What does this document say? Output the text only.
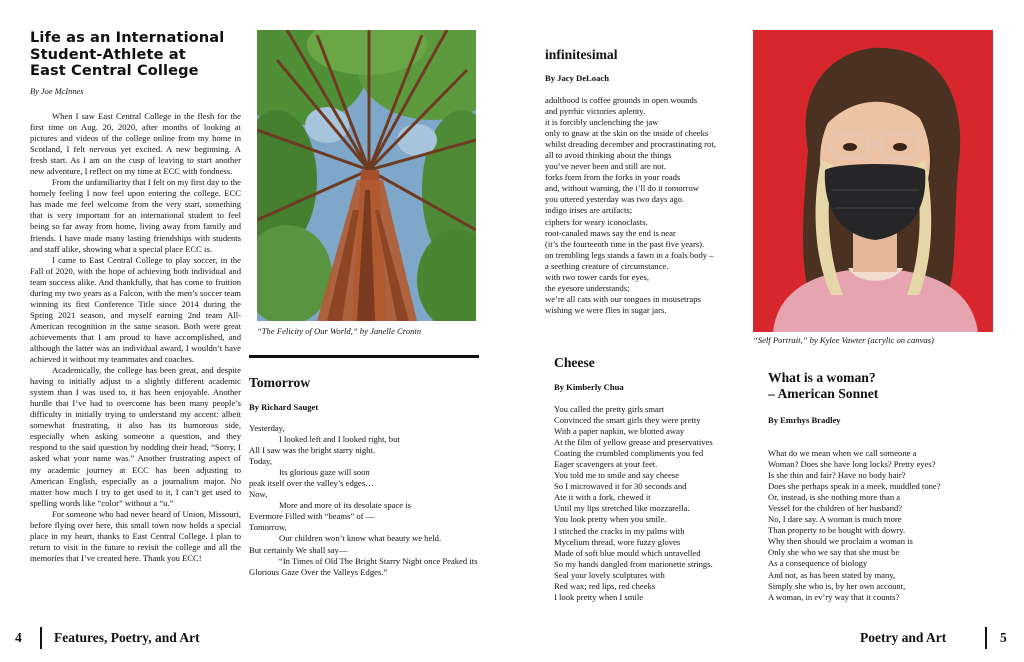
Life as an International
Student-Athlete at
East Central College
By Joe McInnes

When I saw East Central College in the flesh for the first time on Aug. 20, 2020, after months of looking at pictures and videos of the college online from my home in Scotland, I felt nervous yet excited. A new beginning. A fresh start. As I am on the cusp of leaving to start another new adventure, I reflect on my time at ECC with fondness.

From the unfamiliarity that I felt on my first day to the homely feeling I now feel upon entering the college. ECC has made me feel welcome from the very start, something that is very important for an international student to feel being so far away from home, living away from family and friends. I have made many lasting friendships with students and staff alike, showing what a special place ECC is.

I came to East Central College to play soccer, in the Fall of 2020, with the hope of achieving both individual and team success alike. And thankfully, that has come to fruition during my two years as a Falcon, with the men’s soccer team winning its first Conference Title since 2014 during the Spring 2021 season, and myself earning 2nd team All-American recognition in the same season. Both were great achievements that I am proud to have accomplished, and although the latter was an individual award, I wouldn’t have achieved it without my teammates and coaches.

Academically, the college has been great, and despite having to initially adjust to a slightly different academic system than I was used to, it has been enjoyable. Another hurdle that I’ve had to overcome has been many people’s difficulty in initially trying to understand my accent: albeit somewhat frustrating, it also has its humorous side, especially when asking someone a question, and they respond to the said question by nodding their head, “Sorry, I asked what your name was.” Another frustrating aspect of my academic journey at ECC has been adjusting to American English, especially as a journalism major. No matter how much I try to get used to it, I can’t get used to spelling words like “color” without a “u.”

For someone who had never heard of Union, Missouri, before flying over here, this small town now holds a special place in my heart, thanks to East Central College. I plan to return to visit in the future to revisit the college and all the memories that I’ve created here. Thank you ECC!

“The Felicity of Our World,” by Janelle Cronin
Tomorrow
By Richard Sauget
Yesterday,
I looked left and I looked right, but
All I saw was the bright starry night.
Today,
Its glorious gaze will soon
peak itself over the valley’s edges…
Now,
More and more of its desolate space is
Evermore Filled with “beams” of —
Tomorrow,
Our children won’t know what beauty we held.
But certainly We shall say—
“In Times of Old The Bright Starry Night once Peaked its
Glorious Gaze Over the Valleys Edges.”
4 Features, Poetry, and Art
infinitesimal
By Jacy DeLoach
adulthood is coffee grounds in open wounds
and pyrrhic victories aplenty.
it is forcibly unclenching the jaw
only to gnaw at the skin on the inside of cheeks
whilst dreading december and procrastinating rot,
all to avoid thinking about the things
you’ve never been and still are not.
forks form from the forks in your roads
and, without warning, the i’ll do it tomorrow
you uttered yesterday was two days ago.
indigo irises are artifacts;
ciphers for weary iconoclasts.
root-canaled maws say the end is near
(it’s the fourteenth time in the past five years).
on trembling legs stands a fawn in a foals body –
a seething creature of circumstance.
with two tower cards for eyes,
the eyesore understands;
we’re all cats with our tongues in mousetraps
wishing we were flies in sugar jars.
“Self Portrait,” by Kylee Vawter (acrylic on canvas)
Cheese
By Kimberly Chua
You called the pretty girls smart
Convinced the smart girls they were pretty
With a paper napkin, we blotted away
At the film of yellow grease and preservatives
Coating the crumbled compliments you fed
Eager scavengers at your feet.
You told me to smile and say cheese
So I microwaved it for 30 seconds and
Ate it with a fork, chewed it
Until my lips stretched like mozzarella.
You look pretty when you smile.
I stitched the cracks in my palms with
Mycelium thread, wore fuzzy gloves
Made of soft blue mould which unravelled
So my hands dangled from marionette strings.
Seal your lovely sculptures with
Red wax; red lips, red cheeks
I look pretty when I smile
What is a woman?
– American Sonnet
By Emrhys Bradley
What do we mean when we call someone a
Woman? Does she have long locks? Pretty eyes?
Is she thin and fair? Have no body hair?
Does she perhaps speak in a meek, muddled tone?
Or, instead, is she nothing more than a
Vessel for the children of her husband?
No, I dare say. A woman is much more
Than property to be bought with dowry.
Why then should we proclaim a woman is
Only she who we say that she must be
As a consequence of biology
And not, as has been stated by many,
Simply she who is, by her own account,
A woman, in ev’ry way that it counts?
Poetry and Art	5
